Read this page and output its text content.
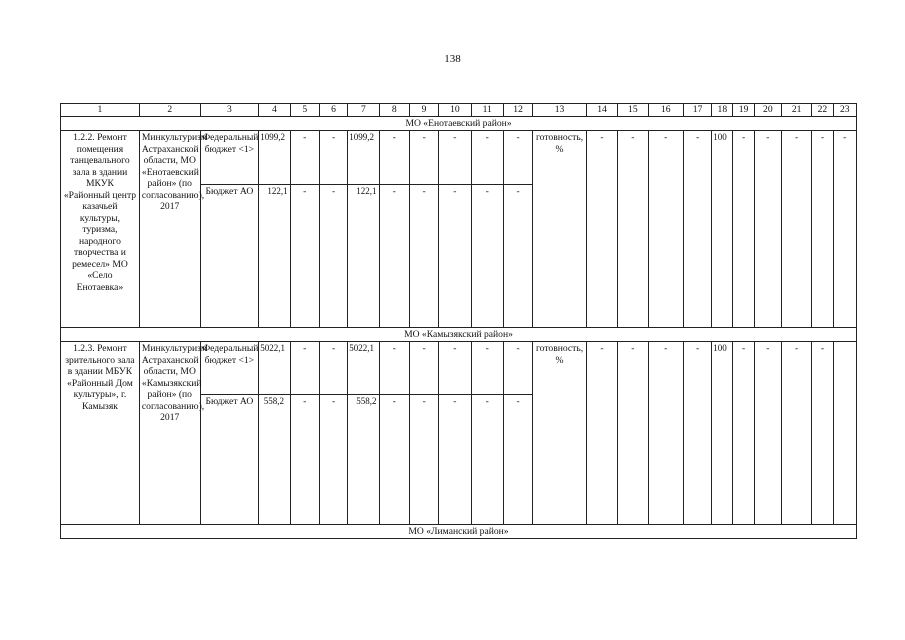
138
1	2	3	4	5	6	7	8	9	10	11	12	13	14	15	16	17	18	19	20	21	22	23
МО «Енотаевский район»																						
1.2.2. Ремонт помещения танцевального зала в здании МКУК «Районный центр казачьей культуры, туризма, народного творчества и ремесел» МО «Село Енотаевка»	Минкультуризм Астраханской области, МО «Енотаевский район» (по согласованию), 2017	Федеральный бюджет <1>	1099,2	-	-	1099,2	-	-	-	-	-	готовность, %	-	-	-	-	100	-	-	-	-	-
		Бюджет АО	122,1	-	-	122,1	-	-	-	-	-											
МО «Камызякский район»																						
1.2.3. Ремонт зрительного зала в здании МБУК «Районный Дом культуры», г. Камызяк	Минкультуризм Астраханской области, МО «Камызякский район» (по согласованию), 2017	Федеральный бюджет <1>	5022,1	-	-	5022,1	-	-	-	-	-	готовность, %	-	-	-	-	100	-	-	-	-	
		Бюджет АО	558,2	-	-	558,2	-	-	-	-	-											
МО «Лиманский район»																						
